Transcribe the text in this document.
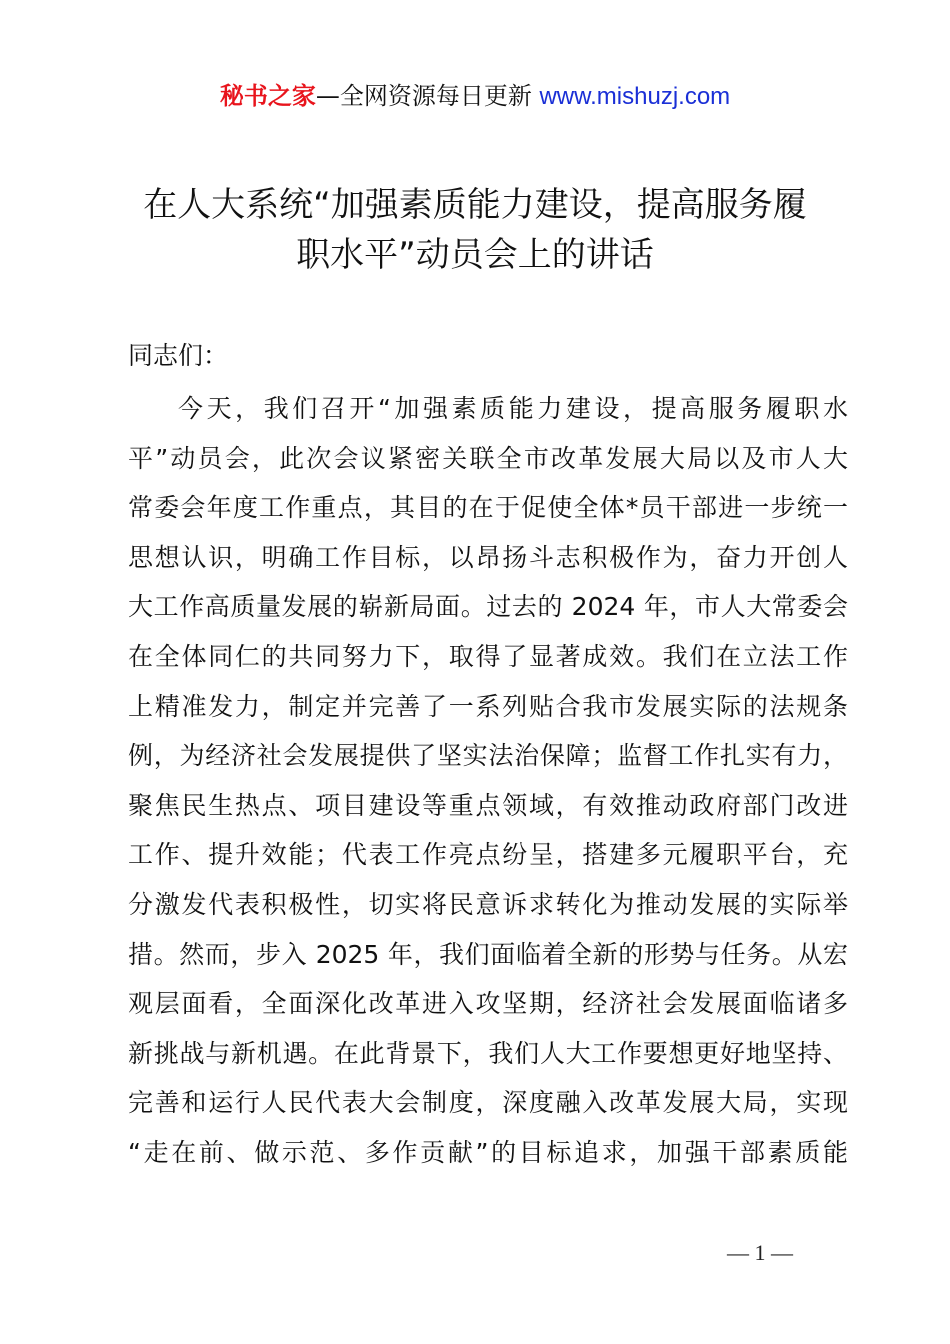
秘书之家—全网资源每日更新 www.mishuzj.com
在人大系统“加强素质能力建设，提高服务履
职水平”动员会上的讲话
同志们：
今天，我们召开“加强素质能力建设，提高服务履职水
平”动员会，此次会议紧密关联全市改革发展大局以及市人大
常委会年度工作重点，其目的在于促使全体*员干部进一步统一
思想认识，明确工作目标，以昂扬斗志积极作为，奋力开创人
大工作高质量发展的崭新局面。过去的 2024 年，市人大常委会
在全体同仁的共同努力下，取得了显著成效。我们在立法工作
上精准发力，制定并完善了一系列贴合我市发展实际的法规条
例，为经济社会发展提供了坚实法治保障；监督工作扎实有力，
聚焦民生热点、项目建设等重点领域，有效推动政府部门改进
工作、提升效能；代表工作亮点纷呈，搭建多元履职平台，充
分激发代表积极性，切实将民意诉求转化为推动发展的实际举
措。然而，步入 2025 年，我们面临着全新的形势与任务。从宏
观层面看，全面深化改革进入攻坚期，经济社会发展面临诸多
新挑战与新机遇。在此背景下，我们人大工作要想更好地坚持、
完善和运行人民代表大会制度，深度融入改革发展大局，实现
“走在前、做示范、多作贡献”的目标追求，加强干部素质能
— 1 —
